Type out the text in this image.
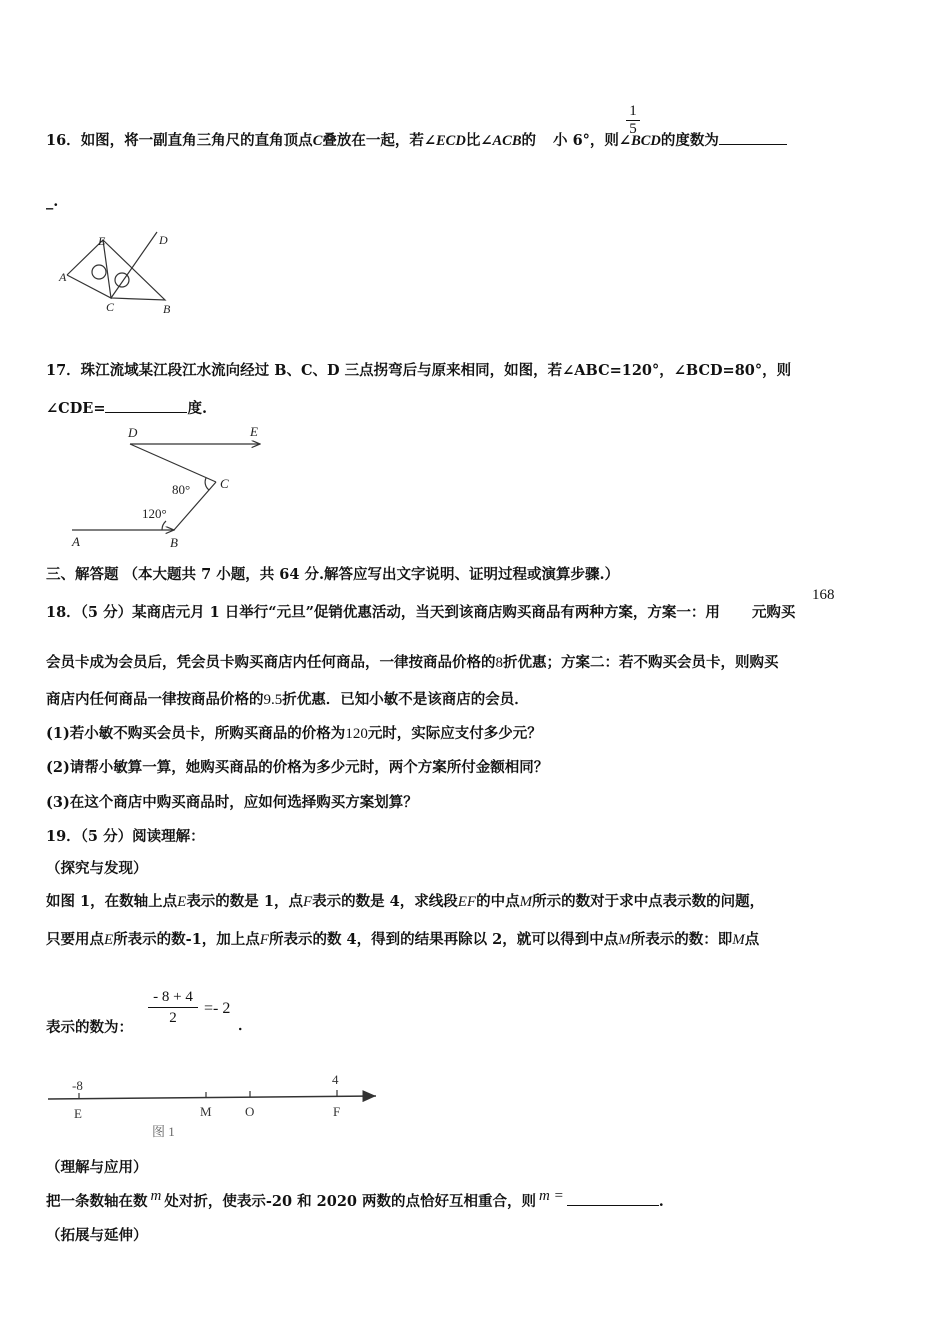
1
5
16．如图，将一副直角三角尺的直角顶点C叠放在一起，若∠ECD比∠ACB的 小 6°，则∠BCD的度数为
_.
A
E	D
C	B
17．珠江流域某江段江水流向经过 B、C、D 三点拐弯后与原来相同，如图，若∠ABC=120°，∠BCD=80°，则
∠CDE=	度.
D	E
C
A	B
80°
120°
三、解答题 （本大题共 7 小题，共 64 分.解答应写出文字说明、证明过程或演算步骤.）
168
18．（5 分）某商店元月 1 日举行“元旦”促销优惠活动，当天到该商店购买商品有两种方案，方案一：用 元购买
会员卡成为会员后，凭会员卡购买商店内任何商品，一律按商品价格的8折优惠；方案二：若不购买会员卡，则购买
商店内任何商品一律按商品价格的9.5折优惠．已知小敏不是该商店的会员．
(1)若小敏不购买会员卡，所购买商品的价格为120元时，实际应支付多少元？
(2)请帮小敏算一算，她购买商品的价格为多少元时，两个方案所付金额相同？
(3)在这个商店中购买商品时，应如何选择购买方案划算？
19．（5 分）阅读理解：
（探究与发现）
如图 1，在数轴上点E表示的数是 1，点F表示的数是 4，求线段EF的中点M所示的数对于求中点表示数的问题，
只要用点E所表示的数-1，加上点F所表示的数 4，得到的结果再除以 2，就可以得到中点M所表示的数：即M点
表示的数为：
- 8 + 4
2
=- 2
．
-8	4
E	M	O	F
图 1
（理解与应用）
把一条数轴在数 m 处对折，使表示-20 和 2020 两数的点恰好互相重合，则 m =	.
（拓展与延伸）
